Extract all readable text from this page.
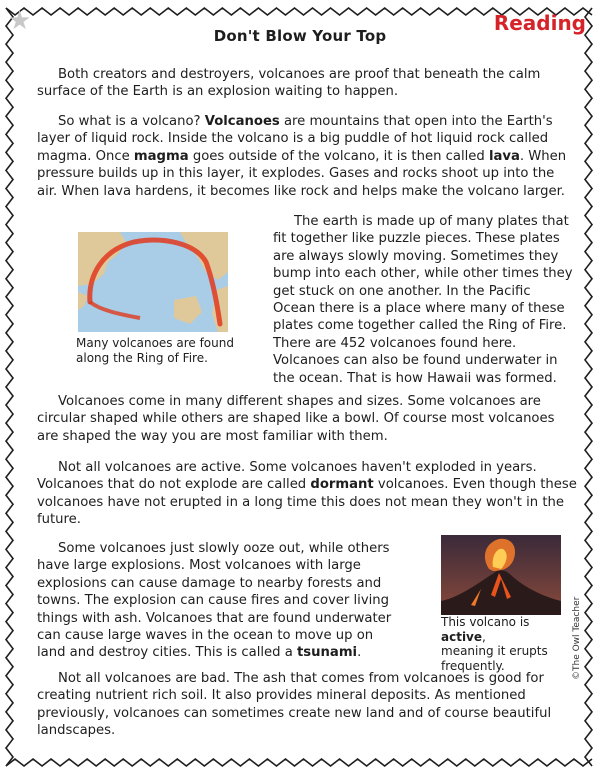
★	Reading
Don't Blow Your Top
Both creators and destroyers, volcanoes are proof that beneath the calm
surface of the Earth is an explosion waiting to happen.
So what is a volcano? Volcanoes are mountains that open into the Earth's
layer of liquid rock. Inside the volcano is a big puddle of hot liquid rock called
magma. Once magma goes outside of the volcano, it is then called lava. When
pressure builds up in this layer, it explodes. Gases and rocks shoot up into the
air. When lava hardens, it becomes like rock and helps make the volcano larger.
Many volcanoes are found
along the Ring of Fire.
The earth is made up of many plates that
fit together like puzzle pieces. These plates
are always slowly moving. Sometimes they
bump into each other, while other times they
get stuck on one another. In the Pacific
Ocean there is a place where many of these
plates come together called the Ring of Fire.
There are 452 volcanoes found here.
Volcanoes can also be found underwater in
the ocean. That is how Hawaii was formed.
Volcanoes come in many different shapes and sizes. Some volcanoes are
circular shaped while others are shaped like a bowl. Of course most volcanoes
are shaped the way you are most familiar with them.
Not all volcanoes are active. Some volcanoes haven't exploded in years.
Volcanoes that do not explode are called dormant volcanoes. Even though these
volcanoes have not erupted in a long time this does not mean they won't in the
future.
Some volcanoes just slowly ooze out, while others
have large explosions. Most volcanoes with large
explosions can cause damage to nearby forests and
towns. The explosion can cause fires and cover living
things with ash. Volcanoes that are found underwater
can cause large waves in the ocean to move up on
land and destroy cities. This is called a tsunami.
This volcano is active,
meaning it erupts
frequently.
Not all volcanoes are bad. The ash that comes from volcanoes is good for
creating nutrient rich soil. It also provides mineral deposits. As mentioned
previously, volcanoes can sometimes create new land and of course beautiful
landscapes.
©The Owl Teacher
